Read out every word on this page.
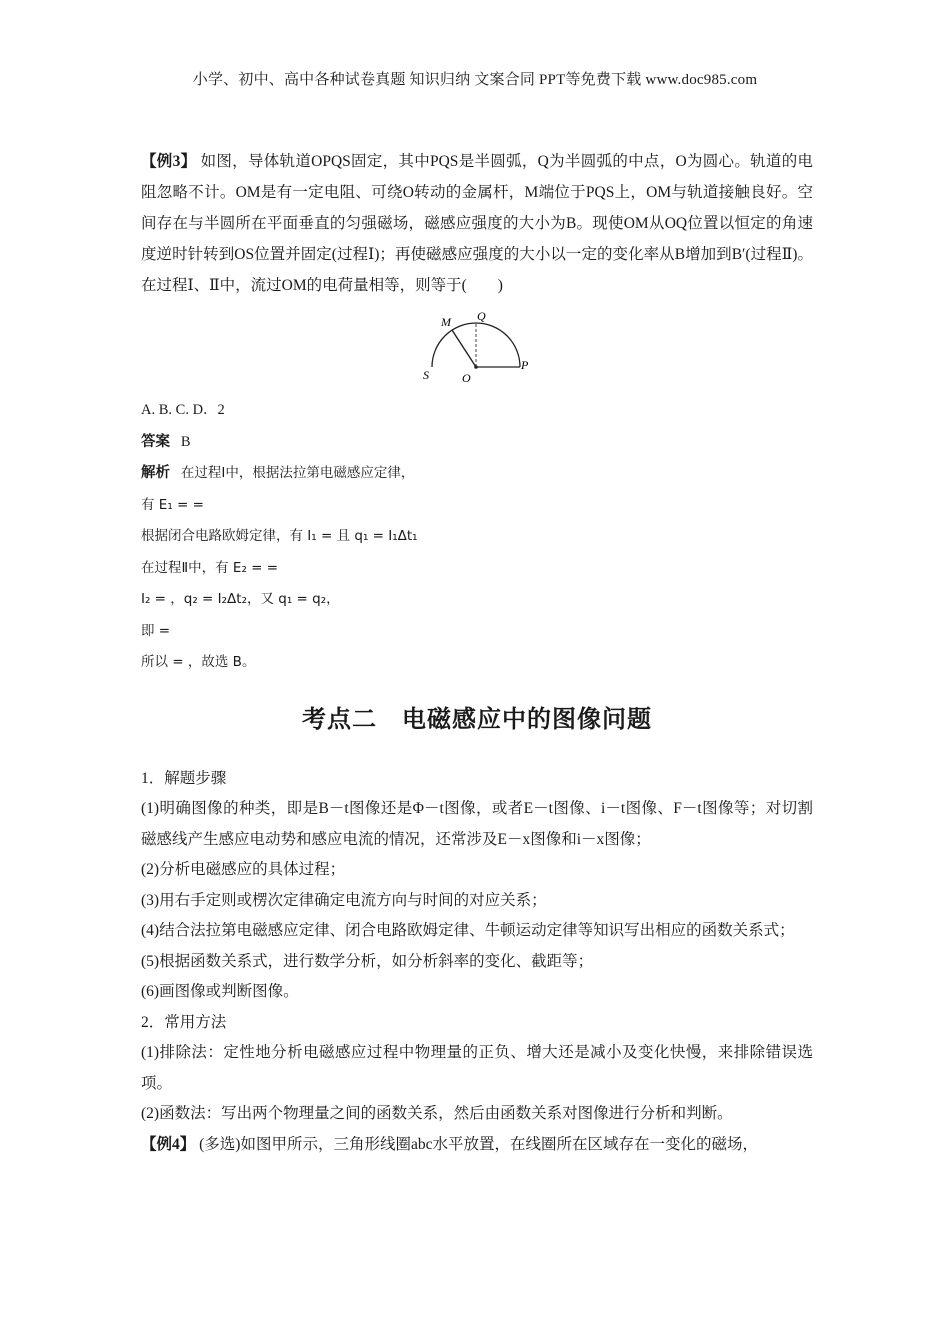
小学、初中、高中各种试卷真题 知识归纳 文案合同 PPT等免费下载 www.doc985.com

【例3】 如图，导体轨道OPQS固定，其中PQS是半圆弧，Q为半圆弧的中点，O为圆心。轨道的电阻忽略不计。OM是有一定电阻、可绕O转动的金属杆，M端位于PQS上，OM与轨道接触良好。空间存在与半圆所在平面垂直的匀强磁场，磁感应强度的大小为B。现使OM从OQ位置以恒定的角速度逆时针转到OS位置并固定(过程Ⅰ)；再使磁感应强度的大小以一定的变化率从B增加到B′(过程Ⅱ)。在过程Ⅰ、Ⅱ中，流过OM的电荷量相等，则等于(　　)

M Q
S	O
P

A. B. C. D．2

答案 B

解析 在过程Ⅰ中，根据法拉第电磁感应定律，

有 E₁ = =

根据闭合电路欧姆定律，有 I₁ = 且 q₁ = I₁Δt₁

在过程Ⅱ中，有 E₂ = =

I₂ = ，q₂ = I₂Δt₂，又 q₁ = q₂，

即 =

所以 = ，故选 B。

考点二　电磁感应中的图像问题

1．解题步骤

(1)明确图像的种类，即是B－t图像还是Φ－t图像，或者E－t图像、i－t图像、F－t图像等；对切割磁感线产生感应电动势和感应电流的情况，还常涉及E－x图像和i－x图像；

(2)分析电磁感应的具体过程；

(3)用右手定则或楞次定律确定电流方向与时间的对应关系；

(4)结合法拉第电磁感应定律、闭合电路欧姆定律、牛顿运动定律等知识写出相应的函数关系式；

(5)根据函数关系式，进行数学分析，如分析斜率的变化、截距等；

(6)画图像或判断图像。

2．常用方法

(1)排除法：定性地分析电磁感应过程中物理量的正负、增大还是减小及变化快慢，来排除错误选项。

(2)函数法：写出两个物理量之间的函数关系，然后由函数关系对图像进行分析和判断。

【例4】 (多选)如图甲所示，三角形线圈abc水平放置，在线圈所在区域存在一变化的磁场，
